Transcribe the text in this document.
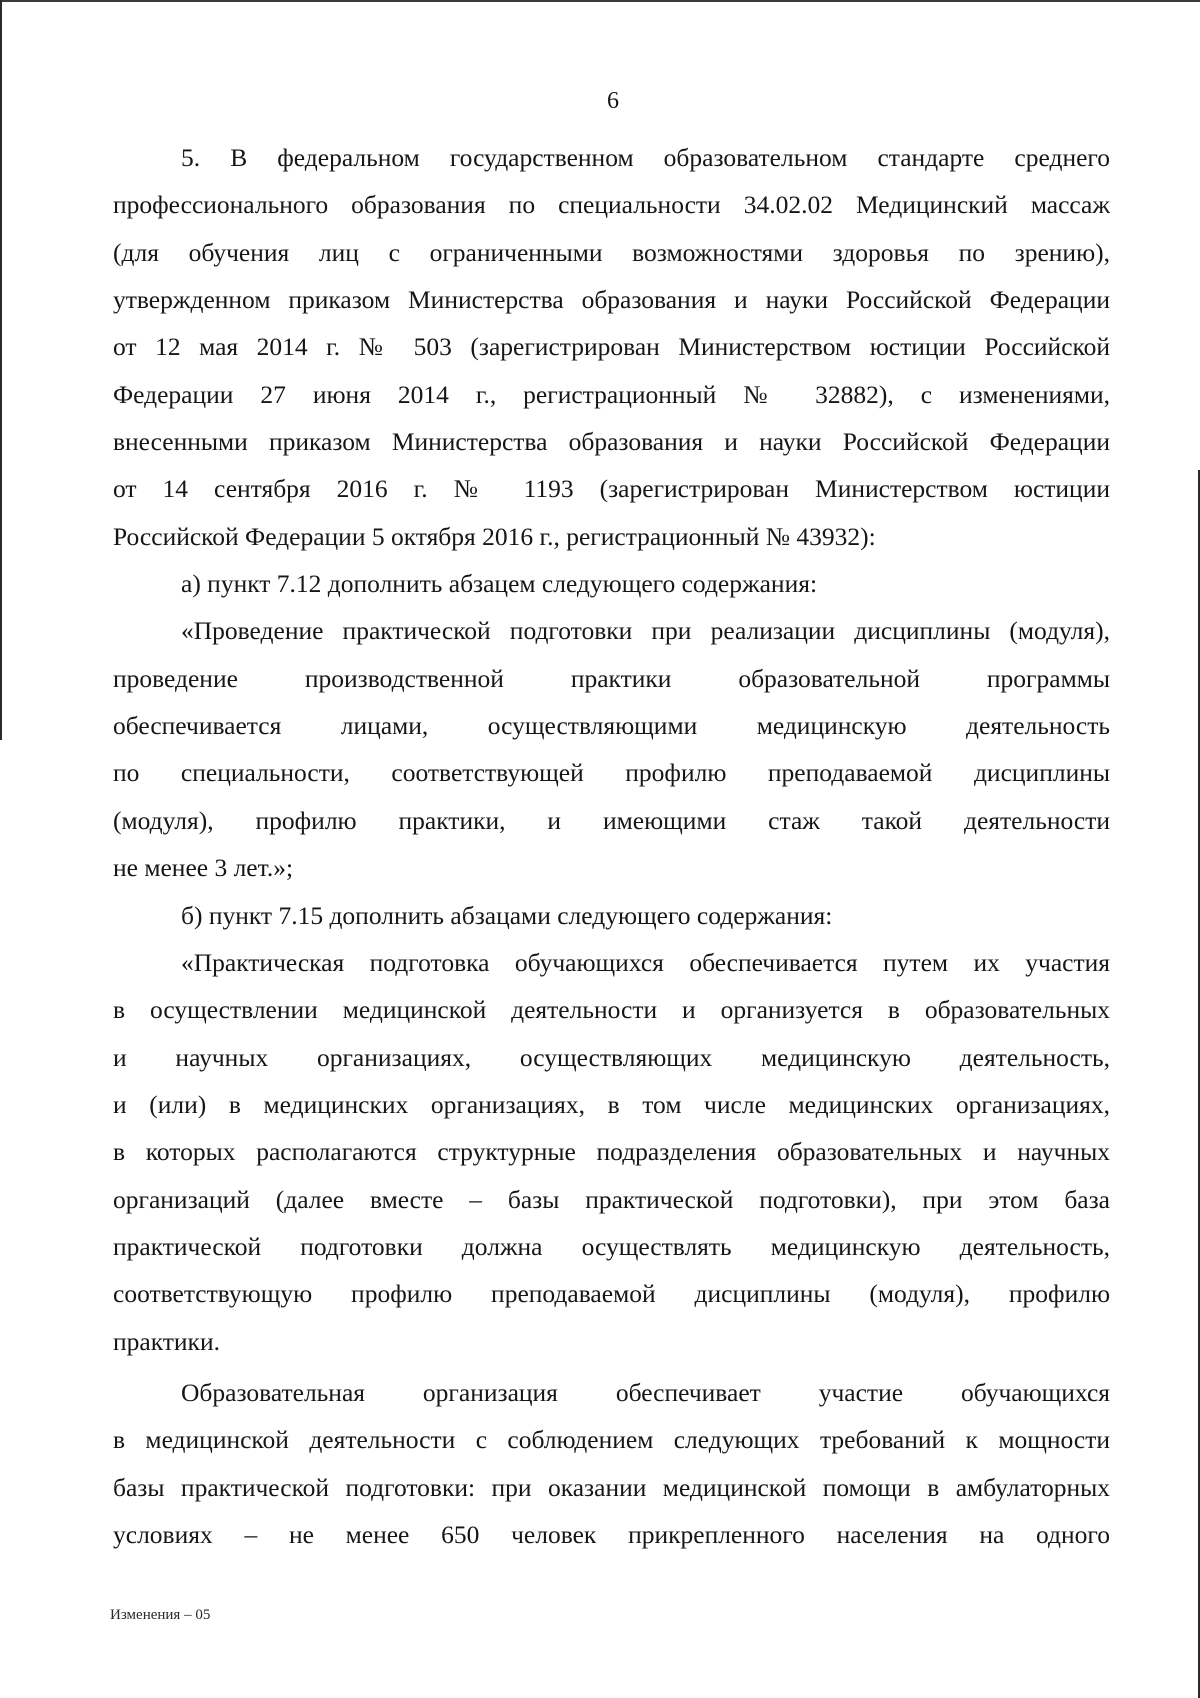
6

5. В федеральном государственном образовательном стандарте среднего

профессионального образования по специальности 34.02.02 Медицинский массаж

(для обучения лиц с ограниченными возможностями здоровья по зрению),

утвержденном приказом Министерства образования и науки Российской Федерации

от 12 мая 2014 г. № 503 (зарегистрирован Министерством юстиции Российской

Федерации 27 июня 2014 г., регистрационный № 32882), с изменениями,

внесенными приказом Министерства образования и науки Российской Федерации

от 14 сентября 2016 г. № 1193 (зарегистрирован Министерством юстиции

Российской Федерации 5 октября 2016 г., регистрационный № 43932):

а) пункт 7.12 дополнить абзацем следующего содержания:

«Проведение практической подготовки при реализации дисциплины (модуля),

проведение производственной практики образовательной программы

обеспечивается лицами, осуществляющими медицинскую деятельность

по специальности, соответствующей профилю преподаваемой дисциплины

(модуля), профилю практики, и имеющими стаж такой деятельности

не менее 3 лет.»;

б) пункт 7.15 дополнить абзацами следующего содержания:

«Практическая подготовка обучающихся обеспечивается путем их участия

в осуществлении медицинской деятельности и организуется в образовательных

и научных организациях, осуществляющих медицинскую деятельность,

и (или) в медицинских организациях, в том числе медицинских организациях,

в которых располагаются структурные подразделения образовательных и научных

организаций (далее вместе – базы практической подготовки), при этом база

практической подготовки должна осуществлять медицинскую деятельность,

соответствующую профилю преподаваемой дисциплины (модуля), профилю

практики.

Образовательная организация обеспечивает участие обучающихся

в медицинской деятельности с соблюдением следующих требований к мощности

базы практической подготовки: при оказании медицинской помощи в амбулаторных

условиях – не менее 650 человек прикрепленного населения на одного

Изменения – 05
